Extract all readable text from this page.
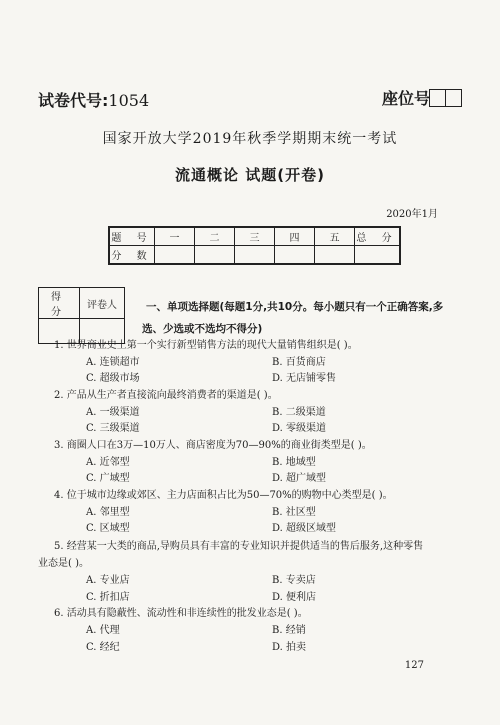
试卷代号:1054	座位号
国家开放大学2019年秋季学期期末统一考试
流通概论 试题(开卷)
2020年1月
题 号	一	二	三	四	五	总 分
分 数						
得 分	评卷人
		一、单项选择题(每题1分,共10分。每小题只有一个正确答案,多
选、少选或不选均不得分)
1. 世界商业史上第一个实行新型销售方法的现代大量销售组织是( )。
A. 连锁超市	B. 百货商店
C. 超级市场	D. 无店铺零售
2. 产品从生产者直接流向最终消费者的渠道是( )。
A. 一级渠道	B. 二级渠道
C. 三级渠道	D. 零级渠道
3. 商圈人口在3万—10万人、商店密度为70—90%的商业街类型是( )。
A. 近邻型	B. 地域型
C. 广域型	D. 超广域型
4. 位于城市边缘或郊区、主力店面积占比为50—70%的购物中心类型是( )。
A. 邻里型	B. 社区型
C. 区域型	D. 超级区域型
5. 经营某一大类的商品,导购员具有丰富的专业知识并提供适当的售后服务,这种零售
业态是( )。
A. 专业店	B. 专卖店
C. 折扣店	D. 便利店
6. 活动具有隐蔽性、流动性和非连续性的批发业态是( )。
A. 代理	B. 经销
C. 经纪	D. 拍卖
127
